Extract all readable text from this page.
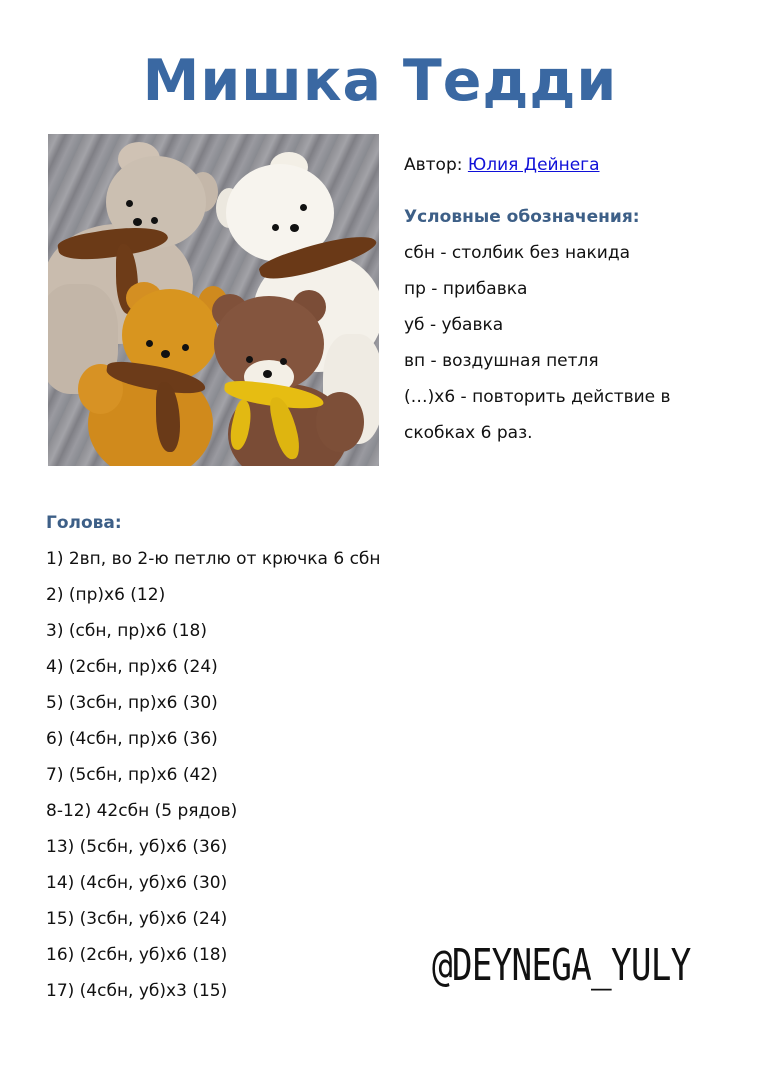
Мишка Тедди
Автор: Юлия Дейнега
Условные обозначения:
сбн - столбик без накида
пр - прибавка
уб - убавка
вп - воздушная петля
(…)х6 - повторить действие в
скобках 6 раз.
Голова:
1) 2вп, во 2-ю петлю от крючка 6 сбн
2) (пр)х6 (12)
3) (сбн, пр)х6 (18)
4) (2сбн, пр)х6 (24)
5) (3сбн, пр)х6 (30)
6) (4сбн, пр)х6 (36)
7) (5сбн, пр)х6 (42)
8-12) 42сбн (5 рядов)
13) (5сбн, уб)х6 (36)
14) (4сбн, уб)х6 (30)
15) (3сбн, уб)х6 (24)
16) (2сбн, уб)х6 (18)
17) (4сбн, уб)х3 (15)	@DEYNEGA_YULY
